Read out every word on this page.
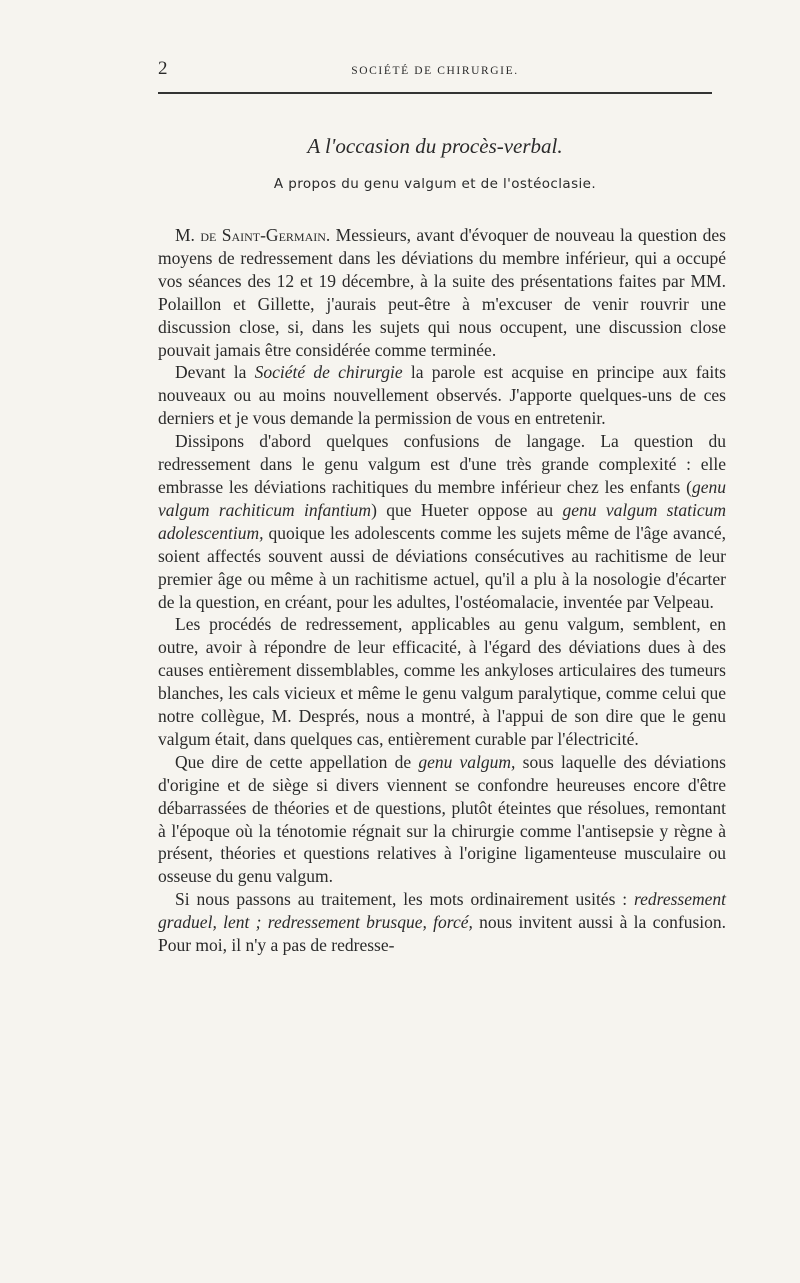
2	SOCIÉTÉ DE CHIRURGIE.
A l'occasion du procès-verbal.
A propos du genu valgum et de l'ostéoclasie.

M. de Saint-Germain. Messieurs, avant d'évoquer de nouveau la question des moyens de redressement dans les déviations du membre inférieur, qui a occupé vos séances des 12 et 19 décembre, à la suite des présentations faites par MM. Polaillon et Gillette, j'aurais peut-être à m'excuser de venir rouvrir une discussion close, si, dans les sujets qui nous occupent, une discussion close pouvait jamais être considérée comme terminée.

Devant la Société de chirurgie la parole est acquise en principe aux faits nouveaux ou au moins nouvellement observés. J'apporte quelques-uns de ces derniers et je vous demande la permission de vous en entretenir.

Dissipons d'abord quelques confusions de langage. La question du redressement dans le genu valgum est d'une très grande complexité : elle embrasse les déviations rachitiques du membre inférieur chez les enfants (genu valgum rachiticum infantium) que Hueter oppose au genu valgum staticum adolescentium, quoique les adolescents comme les sujets même de l'âge avancé, soient affectés souvent aussi de déviations consécutives au rachitisme de leur premier âge ou même à un rachitisme actuel, qu'il a plu à la nosologie d'écarter de la question, en créant, pour les adultes, l'ostéomalacie, inventée par Velpeau.

Les procédés de redressement, applicables au genu valgum, semblent, en outre, avoir à répondre de leur efficacité, à l'égard des déviations dues à des causes entièrement dissemblables, comme les ankyloses articulaires des tumeurs blanches, les cals vicieux et même le genu valgum paralytique, comme celui que notre collègue, M. Després, nous a montré, à l'appui de son dire que le genu valgum était, dans quelques cas, entièrement curable par l'électricité.

Que dire de cette appellation de genu valgum, sous laquelle des déviations d'origine et de siège si divers viennent se confondre heureuses encore d'être débarrassées de théories et de questions, plutôt éteintes que résolues, remontant à l'époque où la ténotomie régnait sur la chirurgie comme l'antisepsie y règne à présent, théories et questions relatives à l'origine ligamenteuse musculaire ou osseuse du genu valgum.

Si nous passons au traitement, les mots ordinairement usités : redressement graduel, lent ; redressement brusque, forcé, nous invitent aussi à la confusion. Pour moi, il n'y a pas de redresse-
